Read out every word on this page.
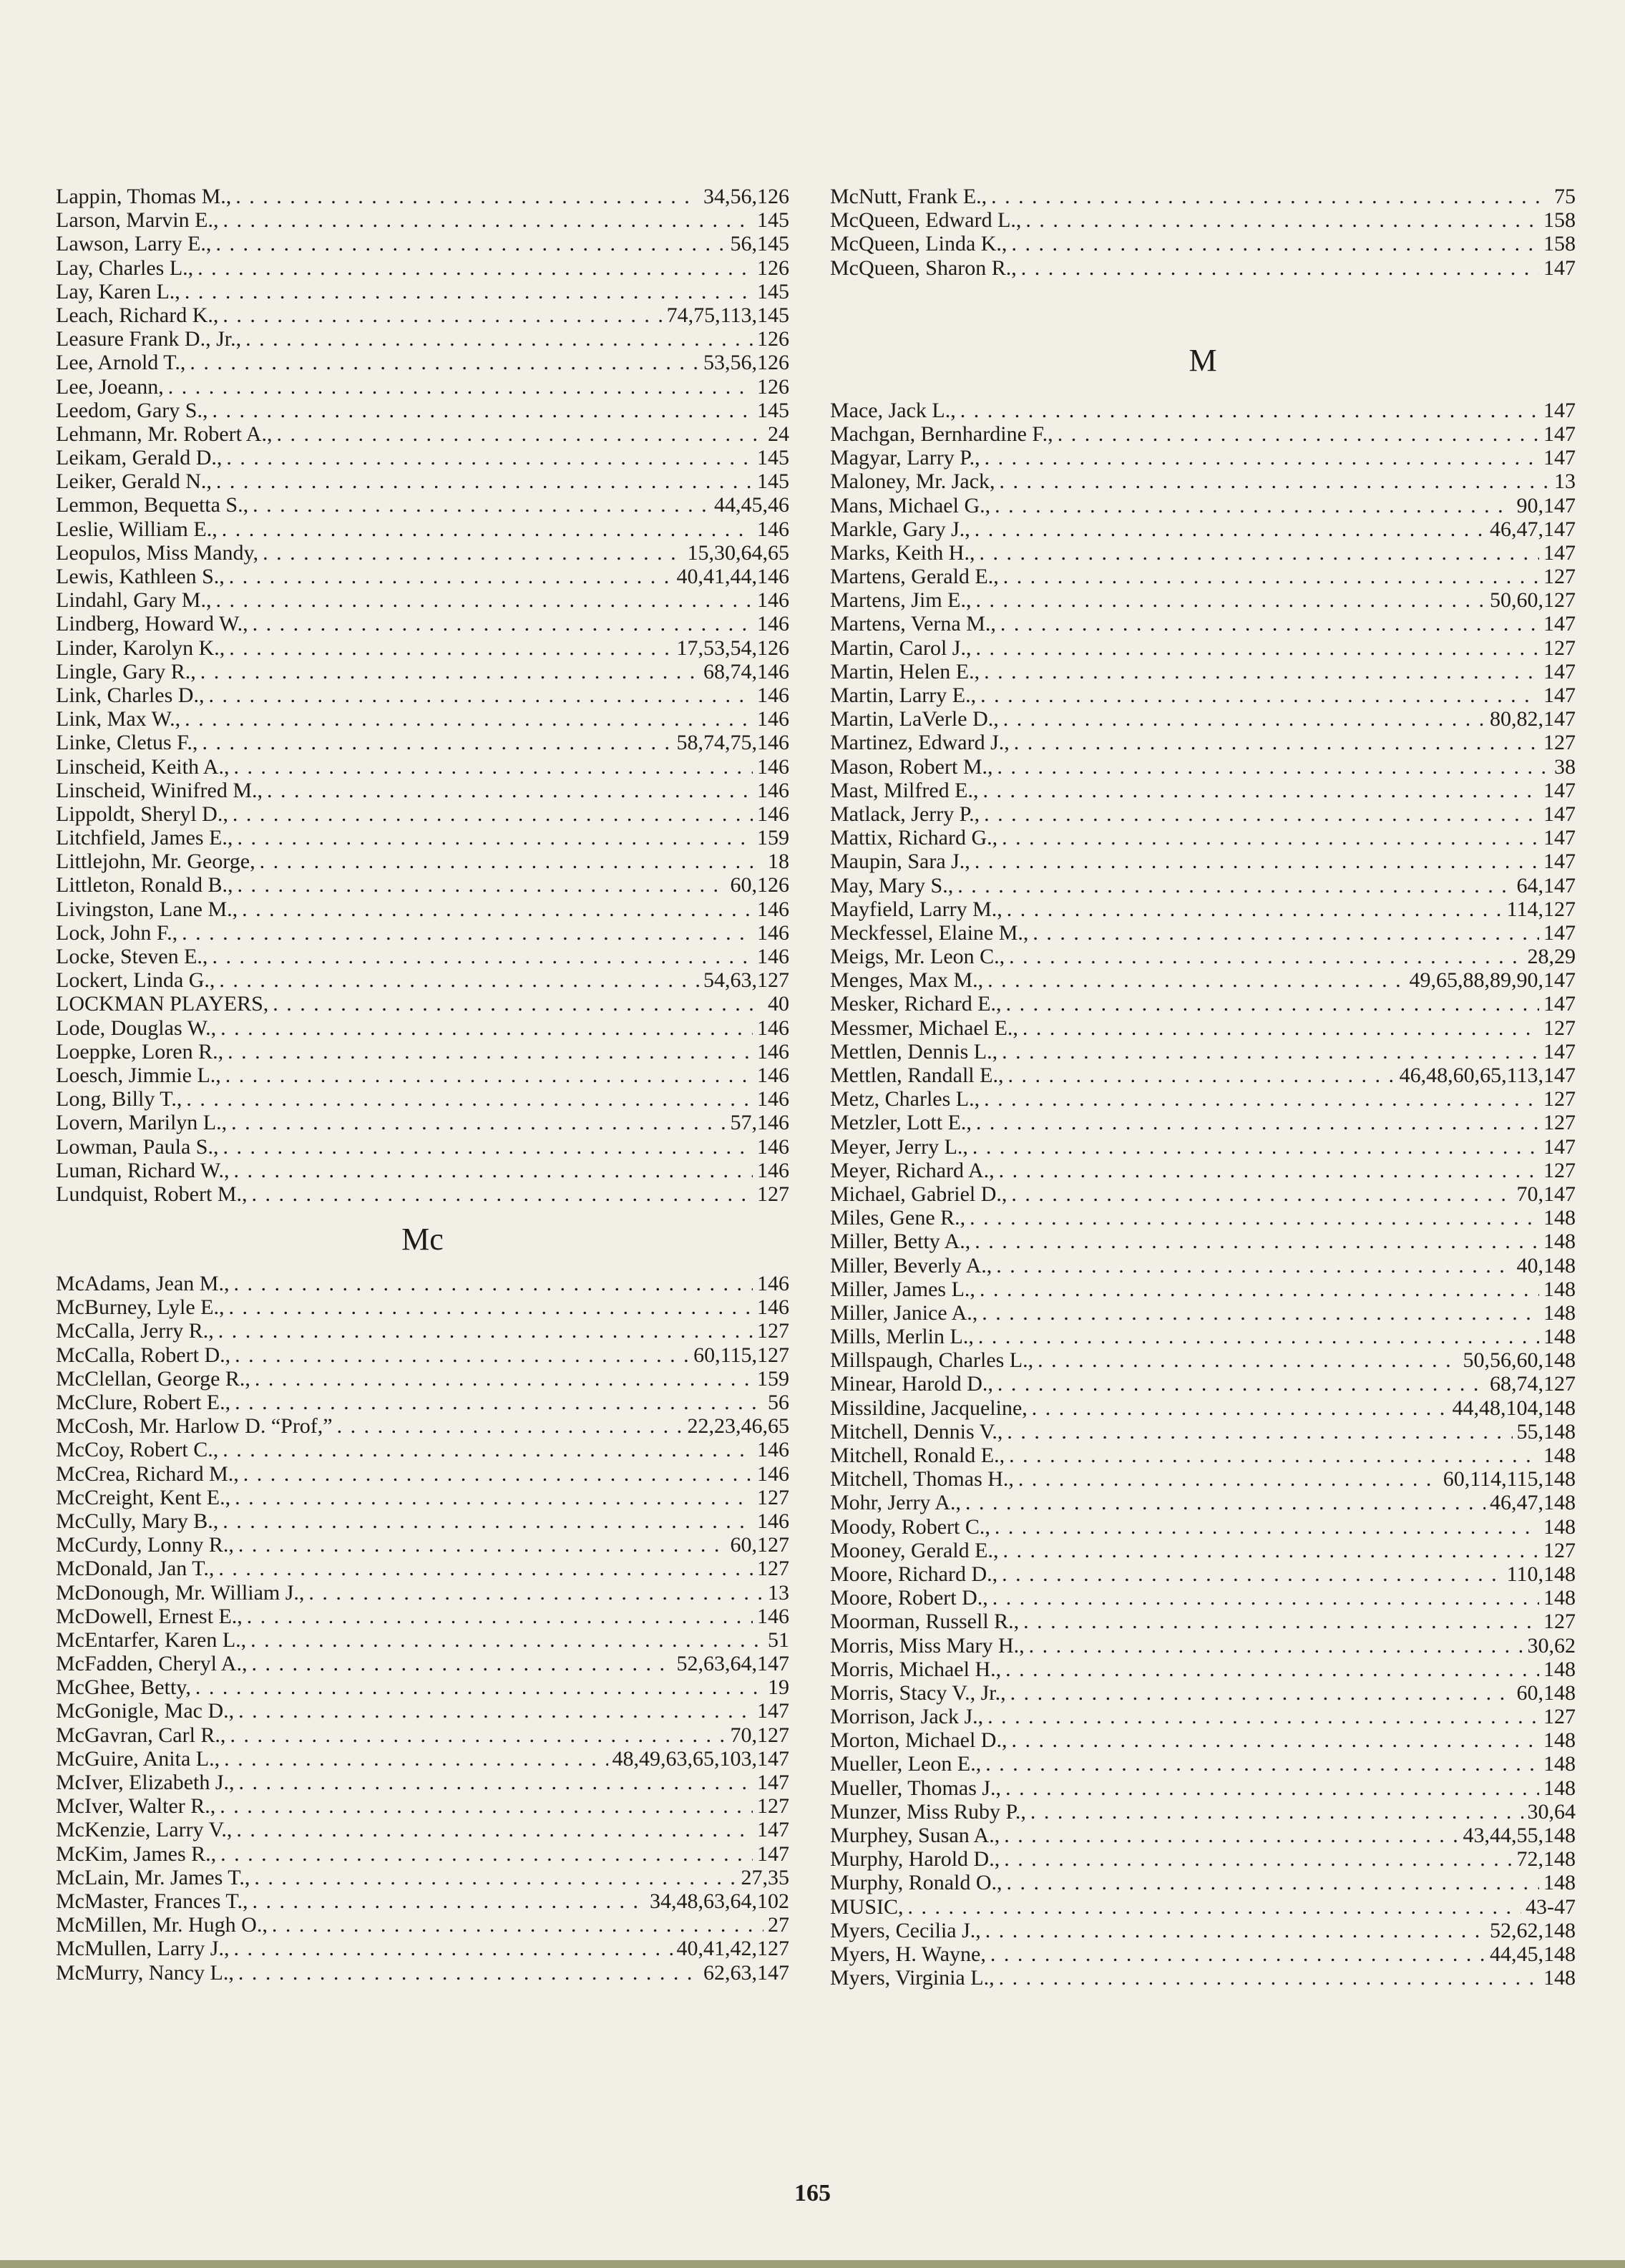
Lappin, Thomas M., . . .	34,56,126
Larson, Marvin E., . . .	145
Lawson, Larry E., . . .	56,145
Lay, Charles L., . . .	126
Lay, Karen L., . . .	145
Leach, Richard K., . . .	74,75,113,145
Leasure Frank D., Jr., . . .	126
Lee, Arnold T., . . .	53,56,126
Lee, Joeann, . . .	126
Leedom, Gary S., . . .	145
Lehmann, Mr. Robert A., . . .	24
Leikam, Gerald D., . . .	145
Leiker, Gerald N., . . .	145
Lemmon, Bequetta S., . . .	44,45,46
Leslie, William E., . . .	146
Leopulos, Miss Mandy, . . .	15,30,64,65
Lewis, Kathleen S., . . .	40,41,44,146
Lindahl, Gary M., . . .	146
Lindberg, Howard W., . . .	146
Linder, Karolyn K., . . .	17,53,54,126
Lingle, Gary R., . . .	68,74,146
Link, Charles D., . . .	146
Link, Max W., . . .	146
Linke, Cletus F., . . .	58,74,75,146
Linscheid, Keith A., . . .	146
Linscheid, Winifred M., . . .	146
Lippoldt, Sheryl D., . . .	146
Litchfield, James E., . . .	159
Littlejohn, Mr. George, . . .	18
Littleton, Ronald B., . . .	60,126
Livingston, Lane M., . . .	146
Lock, John F., . . .	146
Locke, Steven E., . . .	146
Lockert, Linda G., . . .	54,63,127
LOCKMAN PLAYERS, . . .	40
Lode, Douglas W., . . .	146
Loeppke, Loren R., . . .	146
Loesch, Jimmie L., . . .	146
Long, Billy T., . . .	146
Lovern, Marilyn L., . . .	57,146
Lowman, Paula S., . . .	146
Luman, Richard W., . . .	146
Lundquist, Robert M., . . .	127
Mc
McAdams, Jean M., . . .	146
McBurney, Lyle E., . . .	146
McCalla, Jerry R., . . .	127
McCalla, Robert D., . . .	60,115,127
McClellan, George R., . . .	159
McClure, Robert E., . . .	56
McCosh, Mr. Harlow D. “Prof,” . . .	22,23,46,65
McCoy, Robert C., . . .	146
McCrea, Richard M., . . .	146
McCreight, Kent E., . . .	127
McCully, Mary B., . . .	146
McCurdy, Lonny R., . . .	60,127
McDonald, Jan T., . . .	127
McDonough, Mr. William J., . . .	13
McDowell, Ernest E., . . .	146
McEntarfer, Karen L., . . .	51
McFadden, Cheryl A., . . .	52,63,64,147
McGhee, Betty, . . .	19
McGonigle, Mac D., . . .	147
McGavran, Carl R., . . .	70,127
McGuire, Anita L., . . .	48,49,63,65,103,147
McIver, Elizabeth J., . . .	147
McIver, Walter R., . . .	127
McKenzie, Larry V., . . .	147
McKim, James R., . . .	147
McLain, Mr. James T., . . .	27,35
McMaster, Frances T., . . .	34,48,63,64,102
McMillen, Mr. Hugh O., . . .	27
McMullen, Larry J., . . .	40,41,42,127
McMurry, Nancy L., . . .	62,63,147
McNutt, Frank E., . . .	75
McQueen, Edward L., . . .	158
McQueen, Linda K., . . .	158
McQueen, Sharon R., . . .	147
M
Mace, Jack L., . . .	147
Machgan, Bernhardine F., . . .	147
Magyar, Larry P., . . .	147
Maloney, Mr. Jack, . . .	13
Mans, Michael G., . . .	90,147
Markle, Gary J., . . .	46,47,147
Marks, Keith H., . . .	147
Martens, Gerald E., . . .	127
Martens, Jim E., . . .	50,60,127
Martens, Verna M., . . .	147
Martin, Carol J., . . .	127
Martin, Helen E., . . .	147
Martin, Larry E., . . .	147
Martin, LaVerle D., . . .	80,82,147
Martinez, Edward J., . . .	127
Mason, Robert M., . . .	38
Mast, Milfred E., . . .	147
Matlack, Jerry P., . . .	147
Mattix, Richard G., . . .	147
Maupin, Sara J., . . .	147
May, Mary S., . . .	64,147
Mayfield, Larry M., . . .	114,127
Meckfessel, Elaine M., . . .	147
Meigs, Mr. Leon C., . . .	28,29
Menges, Max M., . . .	49,65,88,89,90,147
Mesker, Richard E., . . .	147
Messmer, Michael E., . . .	127
Mettlen, Dennis L., . . .	147
Mettlen, Randall E., . . .	46,48,60,65,113,147
Metz, Charles L., . . .	127
Metzler, Lott E., . . .	127
Meyer, Jerry L., . . .	147
Meyer, Richard A., . . .	127
Michael, Gabriel D., . . .	70,147
Miles, Gene R., . . .	148
Miller, Betty A., . . .	148
Miller, Beverly A., . . .	40,148
Miller, James L., . . .	148
Miller, Janice A., . . .	148
Mills, Merlin L., . . .	148
Millspaugh, Charles L., . . .	50,56,60,148
Minear, Harold D., . . .	68,74,127
Missildine, Jacqueline, . . .	44,48,104,148
Mitchell, Dennis V., . . .	55,148
Mitchell, Ronald E., . . .	148
Mitchell, Thomas H., . . .	60,114,115,148
Mohr, Jerry A., . . .	46,47,148
Moody, Robert C., . . .	148
Mooney, Gerald E., . . .	127
Moore, Richard D., . . .	110,148
Moore, Robert D., . . .	148
Moorman, Russell R., . . .	127
Morris, Miss Mary H., . . .	30,62
Morris, Michael H., . . .	148
Morris, Stacy V., Jr., . . .	60,148
Morrison, Jack J., . . .	127
Morton, Michael D., . . .	148
Mueller, Leon E., . . .	148
Mueller, Thomas J., . . .	148
Munzer, Miss Ruby P., . . .	30,64
Murphey, Susan A., . . .	43,44,55,148
Murphy, Harold D., . . .	72,148
Murphy, Ronald O., . . .	148
MUSIC, . . .	43-47
Myers, Cecilia J., . . .	52,62,148
Myers, H. Wayne, . . .	44,45,148
Myers, Virginia L., . . .	148
165
